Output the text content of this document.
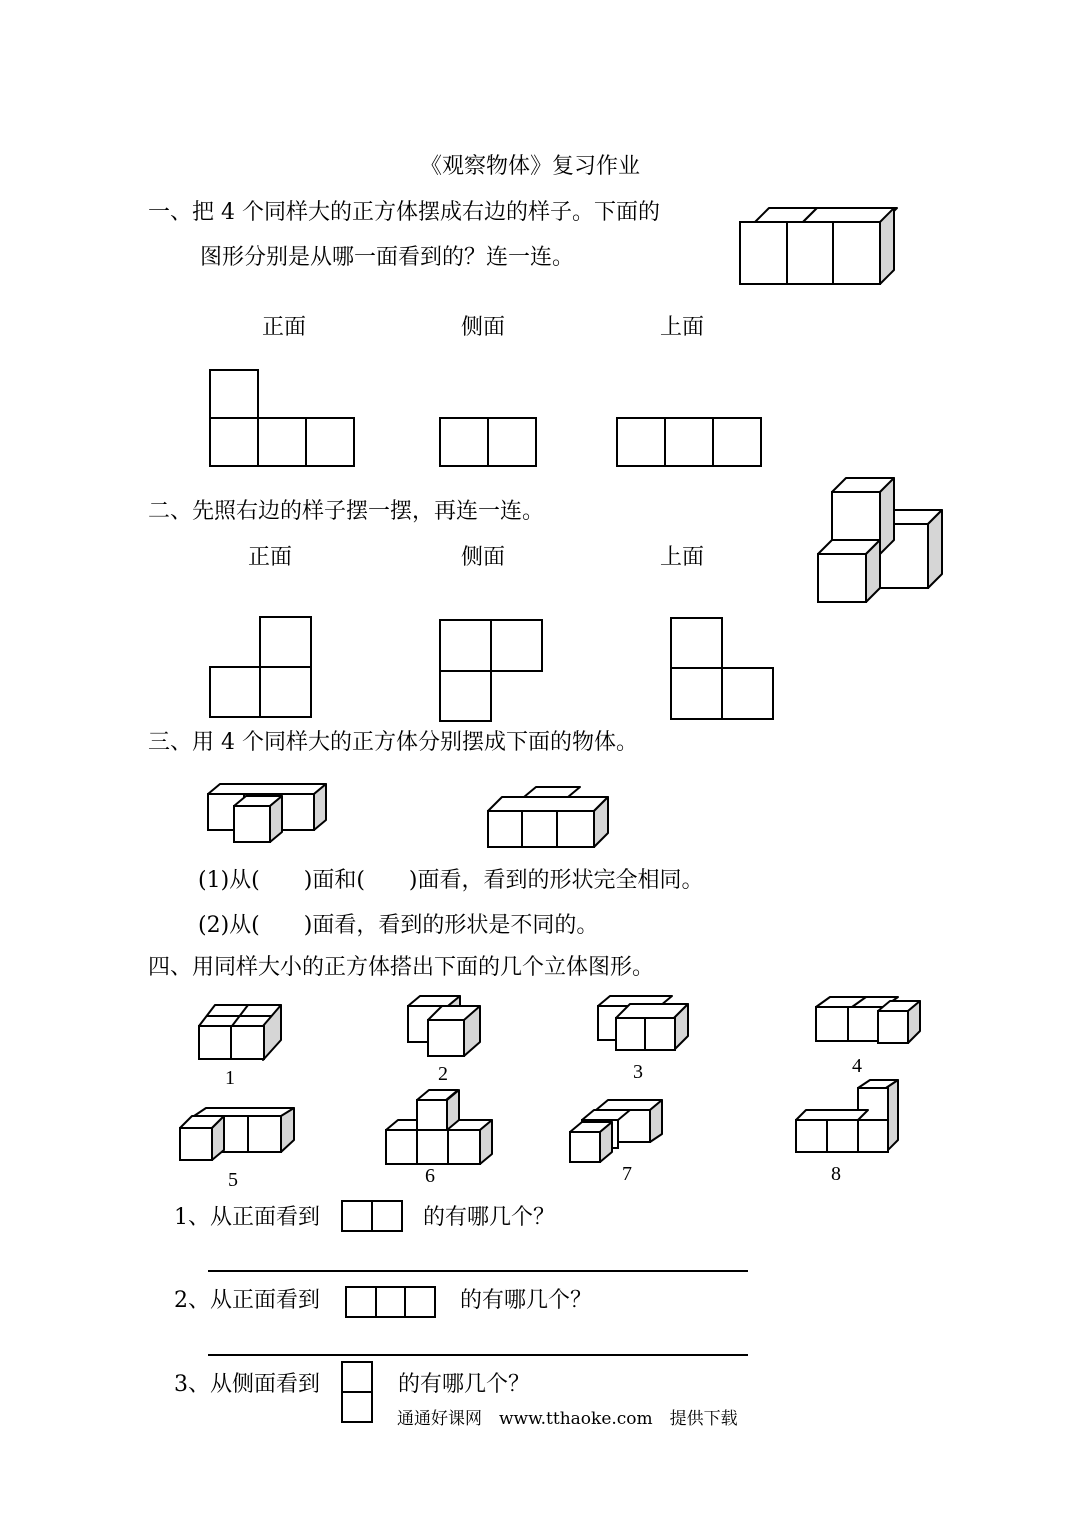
《观察物体》复习作业
一、把 4 个同样大的正方体摆成右边的样子。下面的
图形分别是从哪一面看到的？连一连。
正面	侧面	上面
二、先照右边的样子摆一摆，再连一连。
正面	侧面	上面
三、用 4 个同样大的正方体分别摆成下面的物体。
(1)从(　　)面和(　　)面看，看到的形状完全相同。
(2)从(　　)面看，看到的形状是不同的。
四、用同样大小的正方体搭出下面的几个立体图形。
1	2	3	4
5	6	7	8
1、从正面看到	的有哪几个？
2、从正面看到	的有哪几个？
3、从侧面看到	的有哪几个？
通通好课网　www.tthaoke.com　提供下载
